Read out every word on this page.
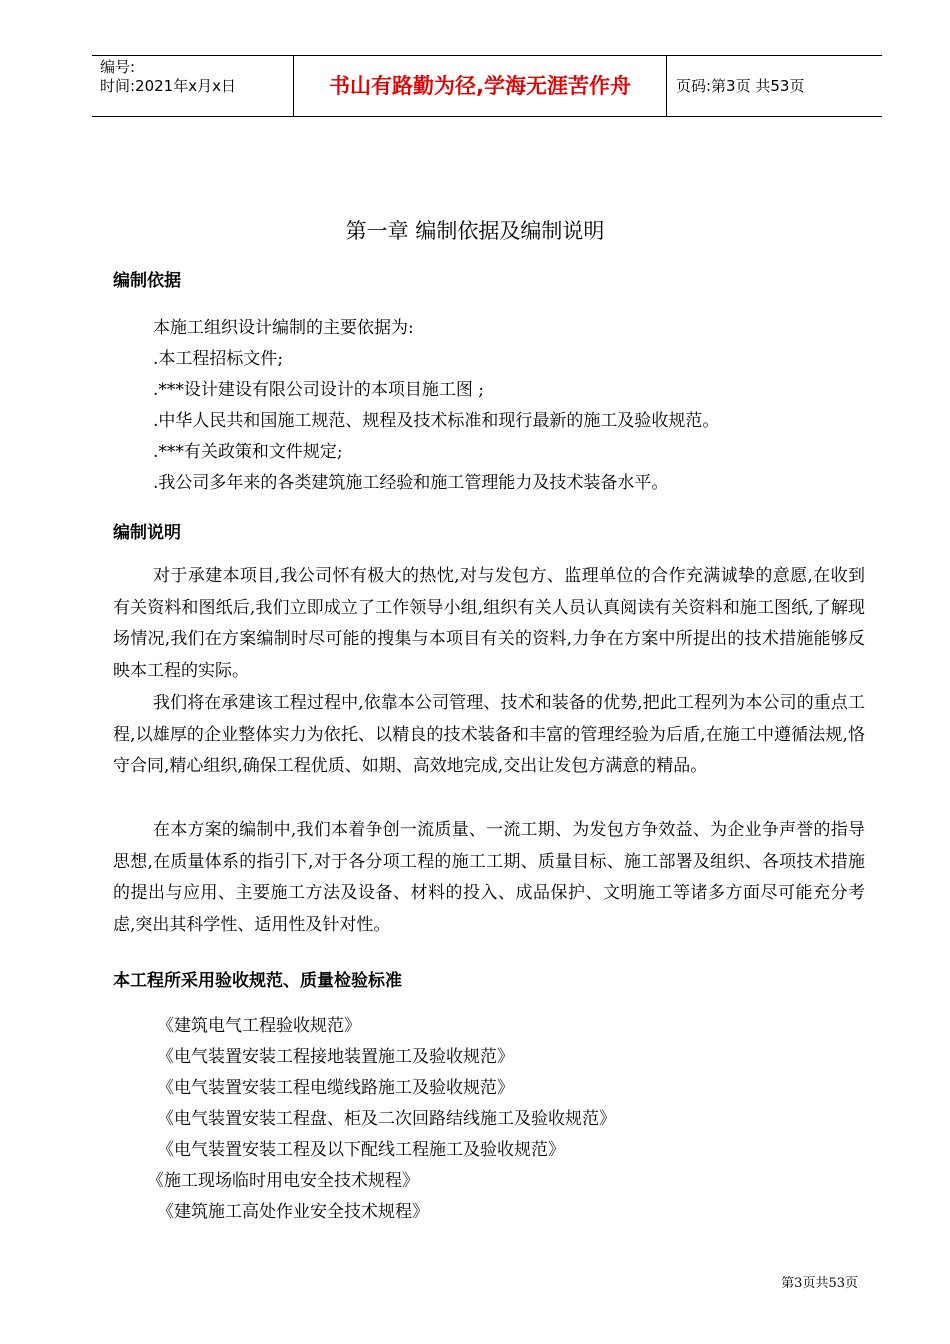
编号:
时间:2021年x月x日	书山有路勤为径,学海无涯苦作舟	页码:第3页 共53页
第一章 编制依据及编制说明
编制依据
本施工组织设计编制的主要依据为:
.本工程招标文件;
.***设计建设有限公司设计的本项目施工图 ;
.中华人民共和国施工规范、规程及技术标准和现行最新的施工及验收规范。
.***有关政策和文件规定;
.我公司多年来的各类建筑施工经验和施工管理能力及技术装备水平。
编制说明
对于承建本项目,我公司怀有极大的热忱,对与发包方、监理单位的合作充满诚挚的意愿,在收到有关资料和图纸后,我们立即成立了工作领导小组,组织有关人员认真阅读有关资料和施工图纸,了解现场情况,我们在方案编制时尽可能的搜集与本项目有关的资料,力争在方案中所提出的技术措施能够反映本工程的实际。
我们将在承建该工程过程中,依靠本公司管理、技术和装备的优势,把此工程列为本公司的重点工程,以雄厚的企业整体实力为依托、以精良的技术装备和丰富的管理经验为后盾,在施工中遵循法规,恪守合同,精心组织,确保工程优质、如期、高效地完成,交出让发包方满意的精品。
在本方案的编制中,我们本着争创一流质量、一流工期、为发包方争效益、为企业争声誉的指导思想,在质量体系的指引下,对于各分项工程的施工工期、质量目标、施工部署及组织、各项技术措施的提出与应用、主要施工方法及设备、材料的投入、成品保护、文明施工等诸多方面尽可能充分考虑,突出其科学性、适用性及针对性。
本工程所采用验收规范、质量检验标准
《建筑电气工程验收规范》
《电气装置安装工程接地装置施工及验收规范》
《电气装置安装工程电缆线路施工及验收规范》
《电气装置安装工程盘、柜及二次回路结线施工及验收规范》
《电气装置安装工程及以下配线工程施工及验收规范》
《施工现场临时用电安全技术规程》
《建筑施工高处作业安全技术规程》
第3页共53页
